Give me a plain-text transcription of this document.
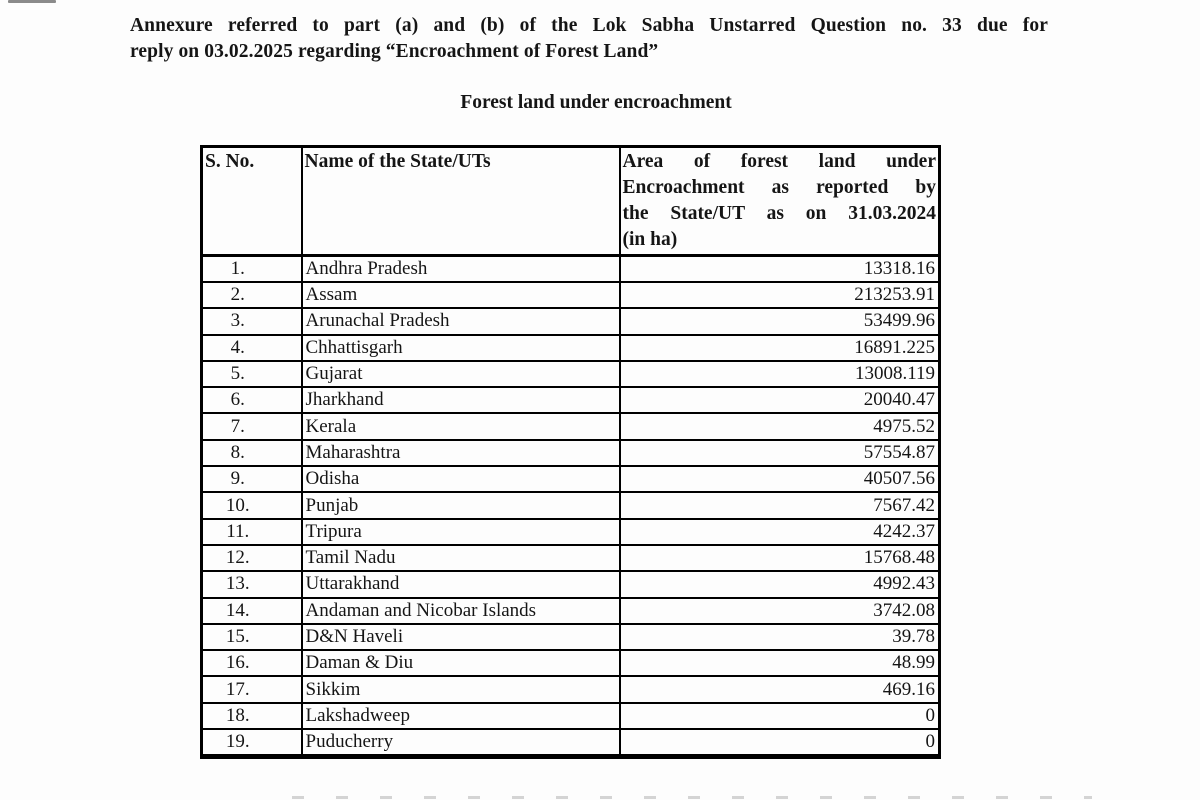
Annexure referred to part (a) and (b) of the Lok Sabha Unstarred Question no. 33 due for
reply on 03.02.2025 regarding “Encroachment of Forest Land”
Forest land under encroachment
S. No.	Name of the State/UTs	Area of forest land under
Encroachment as reported by
the State/UT as on 31.03.2024
(in ha)

1.	Andhra Pradesh	13318.16
2.	Assam	213253.91
3.	Arunachal Pradesh	53499.96
4.	Chhattisgarh	16891.225
5.	Gujarat	13008.119
6.	Jharkhand	20040.47
7.	Kerala	4975.52
8.	Maharashtra	57554.87
9.	Odisha	40507.56
10.	Punjab	7567.42
11.	Tripura	4242.37
12.	Tamil Nadu	15768.48
13.	Uttarakhand	4992.43
14.	Andaman and Nicobar Islands	3742.08
15.	D&N Haveli	39.78
16.	Daman & Diu	48.99
17.	Sikkim	469.16
18.	Lakshadweep	0
19.	Puducherry	0
